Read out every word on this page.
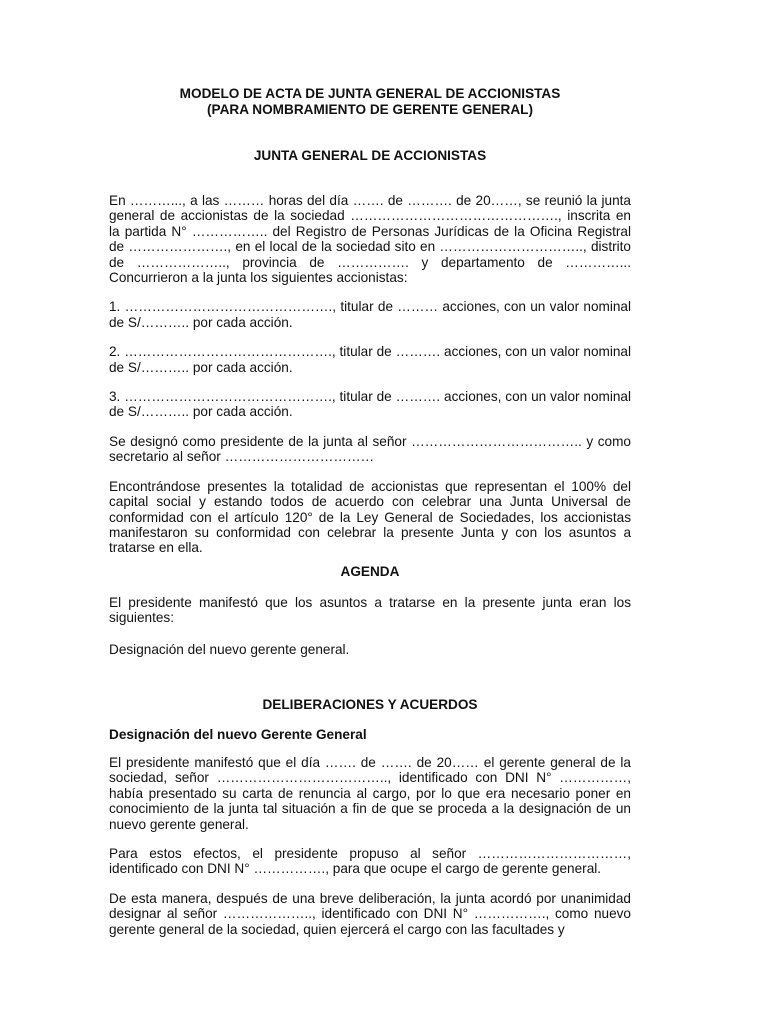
MODELO DE ACTA DE JUNTA GENERAL DE ACCIONISTAS
(PARA NOMBRAMIENTO DE GERENTE GENERAL)
JUNTA GENERAL DE ACCIONISTAS

En ………..., a las ……… horas del día ……. de ………. de 20……, se reunió la junta general de accionistas de la sociedad ………………………………………., inscrita en la partida N° …………….. del Registro de Personas Jurídicas de la Oficina Registral de …………………., en el local de la sociedad sito en ………………………….., distrito de ……………….., provincia de ……………. y departamento de …………... Concurrieron a la junta los siguientes accionistas:

1. ………………………………………., titular de ……… acciones, con un valor nominal de S/……….. por cada acción.

2. ………………………………………., titular de ………. acciones, con un valor nominal de S/……….. por cada acción.

3. ………………………………………., titular de ………. acciones, con un valor nominal de S/……….. por cada acción.

Se designó como presidente de la junta al señor ……………………………….. y como secretario al señor ……………………………

Encontrándose presentes la totalidad de accionistas que representan el 100% del capital social y estando todos de acuerdo con celebrar una Junta Universal de conformidad con el artículo 120° de la Ley General de Sociedades, los accionistas manifestaron su conformidad con celebrar la presente Junta y con los asuntos a tratarse en ella.

AGENDA

El presidente manifestó que los asuntos a tratarse en la presente junta eran los siguientes:

Designación del nuevo gerente general.

DELIBERACIONES Y ACUERDOS
Designación del nuevo Gerente General

El presidente manifestó que el día ……. de ……. de 20…… el gerente general de la sociedad, señor ……………………………….., identificado con DNI N° ……………, había presentado su carta de renuncia al cargo, por lo que era necesario poner en conocimiento de la junta tal situación a fin de que se proceda a la designación de un nuevo gerente general.

Para estos efectos, el presidente propuso al señor ……………………………, identificado con DNI N° ……………., para que ocupe el cargo de gerente general.

De esta manera, después de una breve deliberación, la junta acordó por unanimidad designar al señor ……………….., identificado con DNI N° ……………., como nuevo gerente general de la sociedad, quien ejercerá el cargo con las facultades y
